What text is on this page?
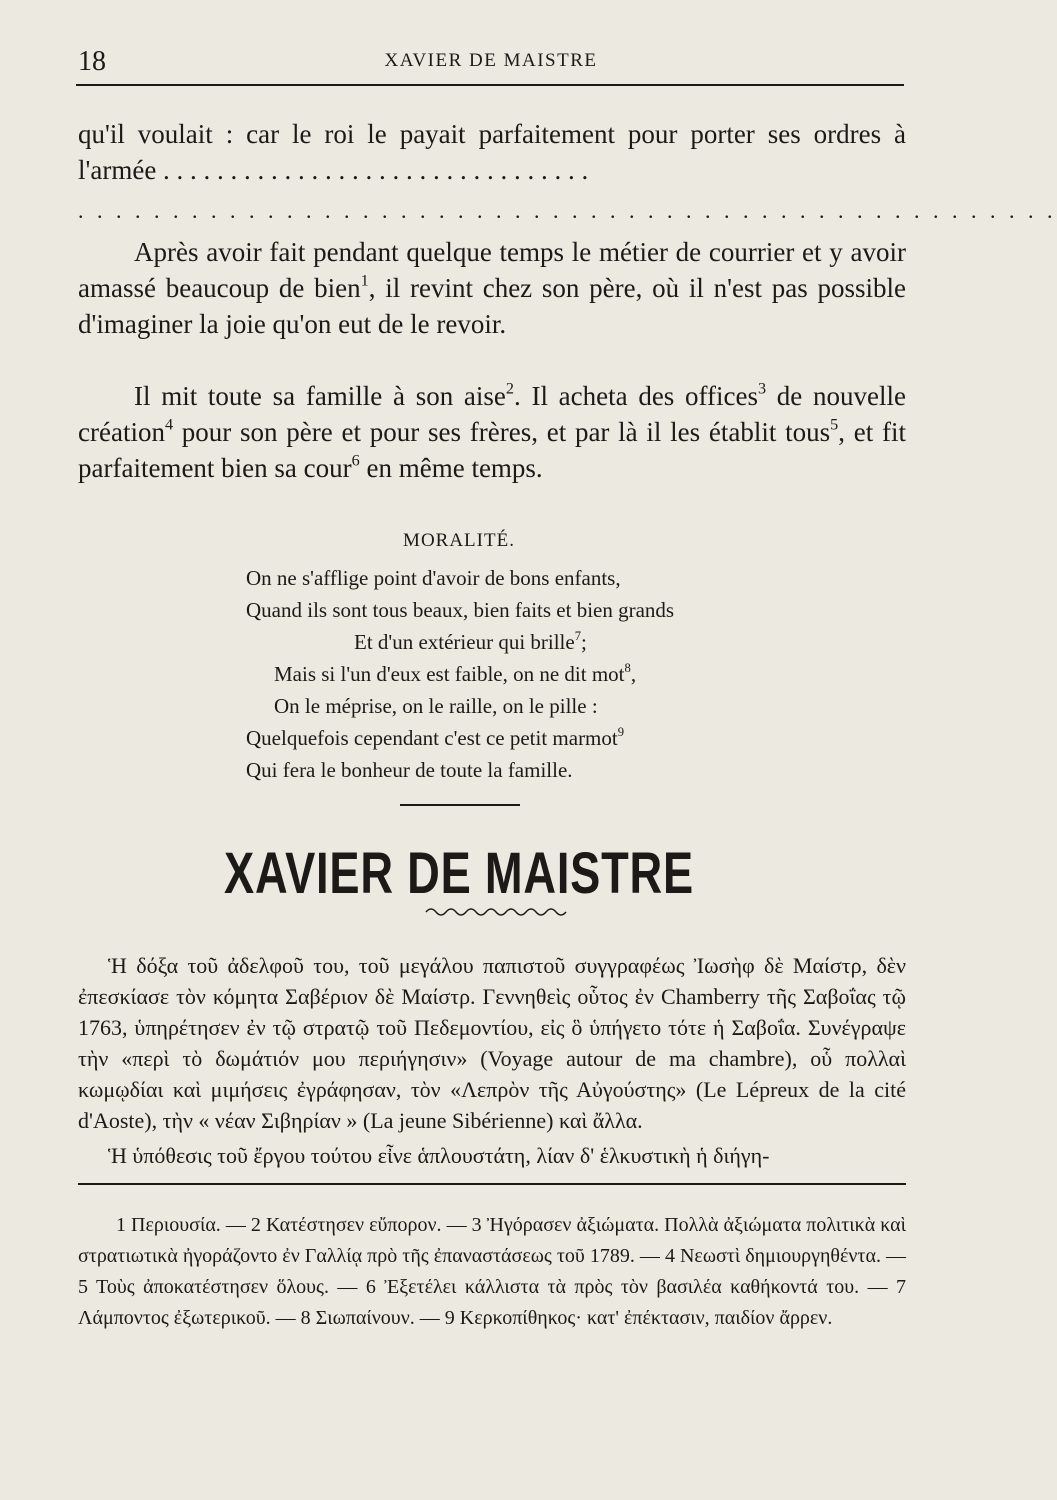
18	XAVIER DE MAISTRE
qu'il voulait : car le roi le payait parfaitement pour porter ses ordres à l'armée . . . . . . . . . . . . . . . . . . . . . . . . . . . . . . . .
. . . . . . . . . . . . . . . . . . . . . . . . . . . . . . . . . . . . . . . . . . . . . . . . . . . .
Après avoir fait pendant quelque temps le métier de courrier et y avoir amassé beaucoup de bien$^1$, il revint chez son père, où il n'est pas possible d'imaginer la joie qu'on eut de le revoir.
Il mit toute sa famille à son aise$^2$. Il acheta des offices$^3$ de nouvelle création$^4$ pour son père et pour ses frères, et par là il les établit tous$^5$, et fit parfaitement bien sa cour$^6$ en même temps.
MORALITÉ.
On ne s'afflige point d'avoir de bons enfants,
Quand ils sont tous beaux, bien faits et bien grands
Et d'un extérieur qui brille$^7$;
Mais si l'un d'eux est faible, on ne dit mot$^8$,
On le méprise, on le raille, on le pille :
Quelquefois cependant c'est ce petit marmot$^9$
Qui fera le bonheur de toute la famille.
XAVIER DE MAISTRE
Ἡ δόξα τοῦ ἀδελφοῦ του, τοῦ μεγάλου παπιστοῦ συγγραφέως Ἰωσὴφ δὲ Μαίστρ, δὲν ἐπεσκίασε τὸν κόμητα Σαβέριον δὲ Μαίστρ. Γεννηθεὶς οὗτος ἐν Chamberry τῆς Σαβοΐας τῷ 1763, ὑπηρέτησεν ἐν τῷ στρατῷ τοῦ Πεδεμοντίου, εἰς ὃ ὑπήγετο τότε ἡ Σαβοΐα. Συνέγραψε τὴν «περὶ τὸ δωμάτιόν μου περιήγησιν» (Voyage autour de ma chambre), οὗ πολλαὶ κωμῳδίαι καὶ μιμήσεις ἐγράφησαν, τὸν «Λεπρὸν τῆς Αὐγούστης» (Le Lépreux de la cité d'Aoste), τὴν « νέαν Σιβηρίαν » (La jeune Sibérienne) καὶ ἄλλα.
Ἡ ὑπόθεσις τοῦ ἔργου τούτου εἶνε ἁπλουστάτη, λίαν δ' ἑλκυστικὴ ἡ διήγη-
1 Περιουσία. — 2 Κατέστησεν εὔπορον. — 3 Ἠγόρασεν ἀξιώματα. Πολλὰ ἀξιώματα πολιτικὰ καὶ στρατιωτικὰ ἠγοράζοντο ἐν Γαλλίᾳ πρὸ τῆς ἐπαναστάσεως τοῦ 1789. — 4 Νεωστὶ δημιουργηθέντα. — 5 Τοὺς ἀποκατέστησεν ὅλους. — 6 Ἐξετέλει κάλλιστα τὰ πρὸς τὸν βασιλέα καθήκοντά του. — 7 Λάμποντος ἐξωτερικοῦ. — 8 Σιωπαίνουν. — 9 Κερκοπίθηκος· κατ' ἐπέκτασιν, παιδίον ἄρρεν.
